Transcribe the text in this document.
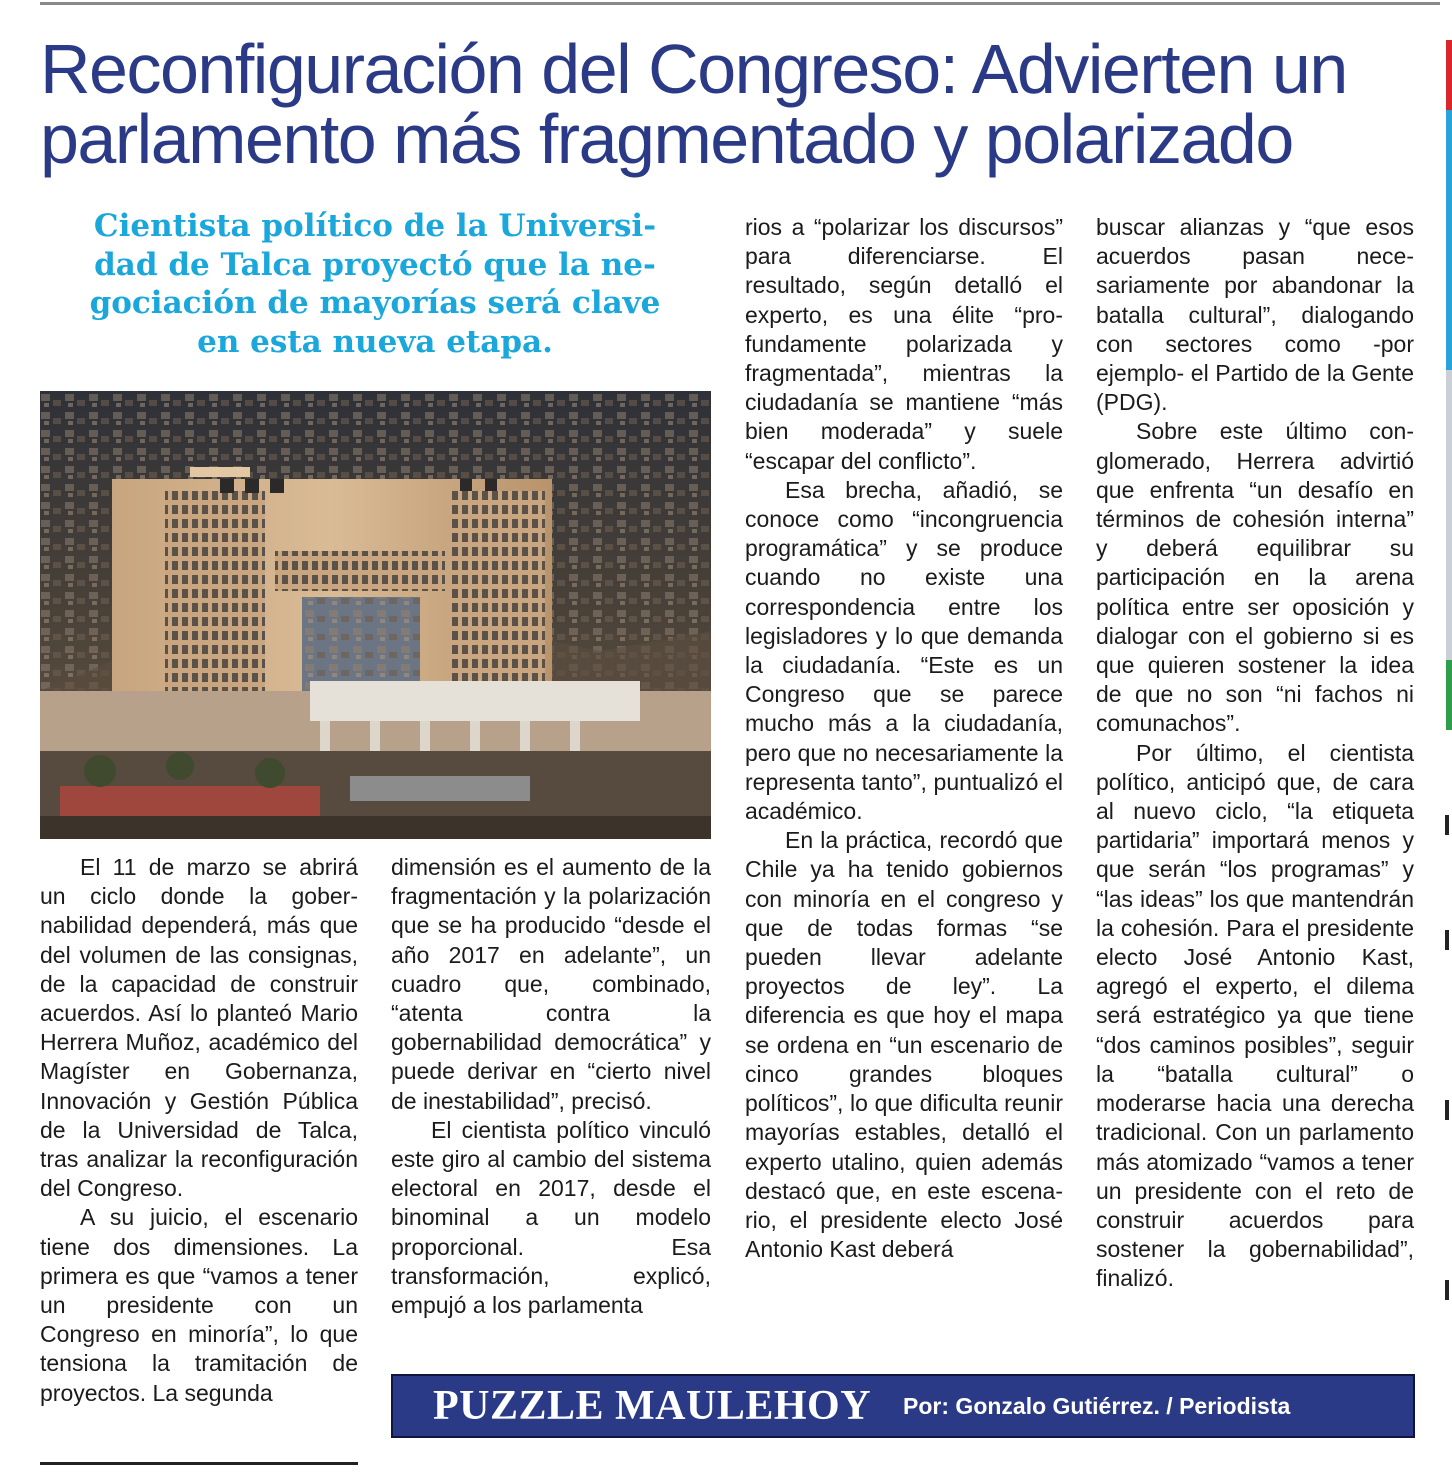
Reconfiguración del Congreso: Advierten un
parlamento más fragmentado y polarizado
Cientista político de la Universi-
dad de Talca proyectó que la ne-
gociación de mayorías será clave
en esta nueva etapa.

El 11 de marzo se abrirá un ciclo donde la gobernabilidad dependerá, más que del volumen de las consignas, de la capacidad de construir acuerdos. Así lo planteó Mario Herrera Muñoz, académico del Magíster en Gobernanza, Innovación y Gestión Pública de la Universidad de Talca, tras analizar la reconfiguración del Congreso.

A su juicio, el escenario tiene dos dimensiones. La primera es que “vamos a tener un presidente con un Congreso en minoría”, lo que tensiona la tramitación de proyectos. La segunda

dimensión es el aumento de la fragmentación y la polarización que se ha producido “desde el año 2017 en adelante”, un cuadro que, combinado, “atenta contra la gobernabilidad democrática” y puede derivar en “cierto nivel de inestabilidad”, precisó.

El cientista político vinculó este giro al cambio del sistema electoral en 2017, desde el binominal a un modelo proporcional. Esa transformación, explicó, empujó a los parlamenta

rios a “polarizar los discursos” para diferenciarse. El resultado, según detalló el experto, es una élite “profundamente polarizada y fragmentada”, mientras la ciudadanía se mantiene “más bien moderada” y suele “escapar del conflicto”.

Esa brecha, añadió, se conoce como “incongruencia programática” y se produce cuando no existe una correspondencia entre los legisladores y lo que demanda la ciudadanía. “Este es un Congreso que se parece mucho más a la ciudadanía, pero que no necesariamente la representa tanto”, puntualizó el académico.

En la práctica, recordó que Chile ya ha tenido gobiernos con minoría en el congreso y que de todas formas “se pueden llevar adelante proyectos de ley”. La diferencia es que hoy el mapa se ordena en “un escenario de cinco grandes bloques políticos”, lo que dificulta reunir mayorías estables, detalló el experto utalino, quien además destacó que, en este escenario, el presidente electo José Antonio Kast deberá

buscar alianzas y “que esos acuerdos pasan necesariamente por abandonar la batalla cultural”, dialogando con sectores como -por ejemplo- el Partido de la Gente (PDG).

Sobre este último conglomerado, Herrera advirtió que enfrenta “un desafío en términos de cohesión interna” y deberá equilibrar su participación en la arena política entre ser oposición y dialogar con el gobierno si es que quieren sostener la idea de que no son “ni fachos ni comunachos”.

Por último, el cientista político, anticipó que, de cara al nuevo ciclo, “la etiqueta partidaria” importará menos y que serán “los programas” y “las ideas” los que mantendrán la cohesión. Para el presidente electo José Antonio Kast, agregó el experto, el dilema será estratégico ya que tiene “dos caminos posibles”, seguir la “batalla cultural” o moderarse hacia una derecha tradicional. Con un parlamento más atomizado “vamos a tener un presidente con el reto de construir acuerdos para sostener la gobernabilidad”, finalizó.

PUZZLE MAULEHOY Por: Gonzalo Gutiérrez. / Periodista
